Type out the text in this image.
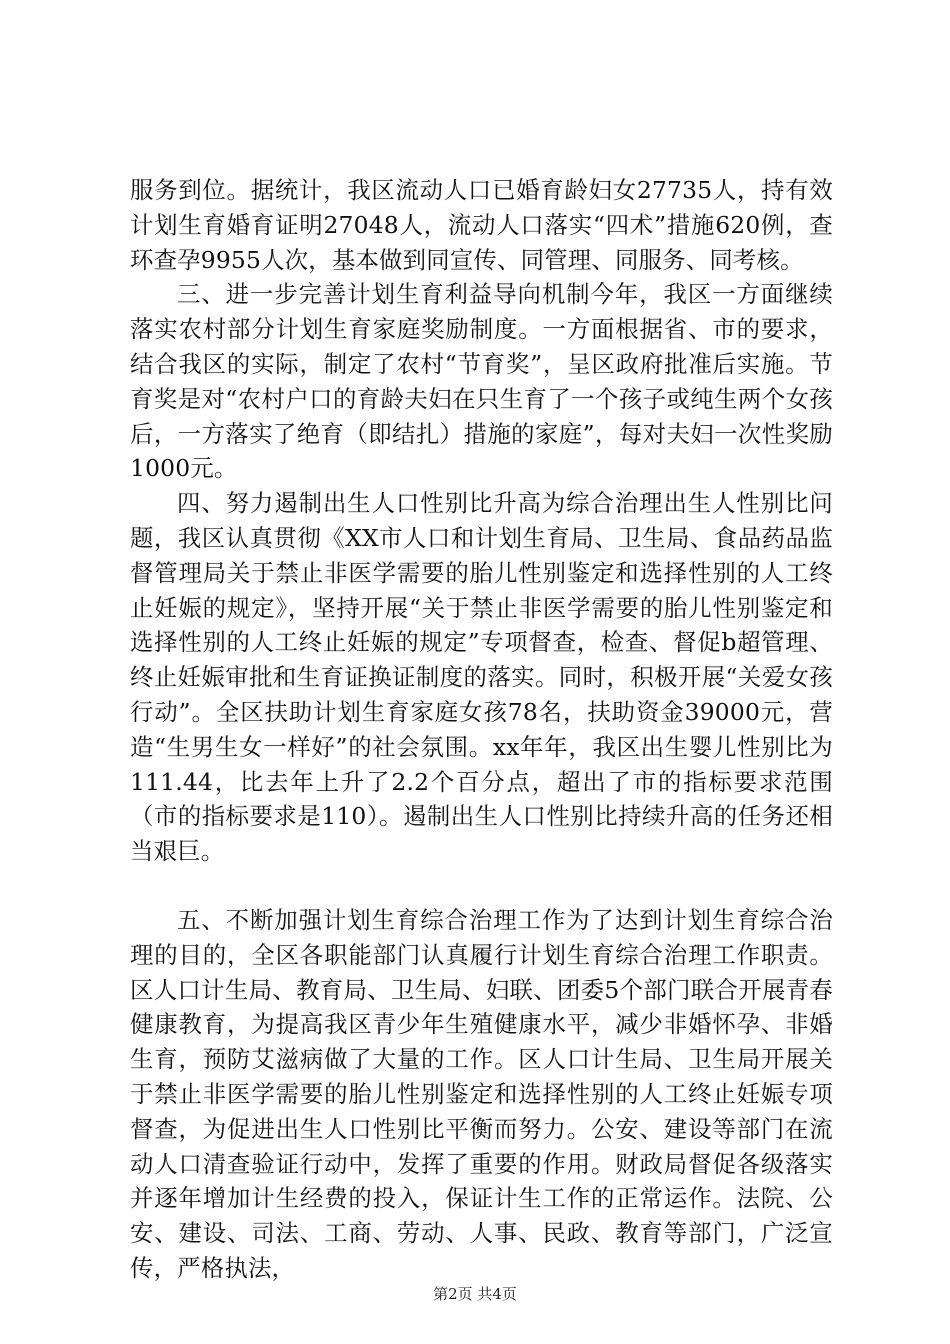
服务到位。据统计，我区流动人口已婚育龄妇女27735人，持有效计划生育婚育证明27048人，流动人口落实“四术”措施620例，查环查孕9955人次，基本做到同宣传、同管理、同服务、同考核。

三、进一步完善计划生育利益导向机制今年，我区一方面继续落实农村部分计划生育家庭奖励制度。一方面根据省、市的要求，结合我区的实际，制定了农村“节育奖”，呈区政府批准后实施。节育奖是对“农村户口的育龄夫妇在只生育了一个孩子或纯生两个女孩后，一方落实了绝育（即结扎）措施的家庭”，每对夫妇一次性奖励1000元。

四、努力遏制出生人口性别比升高为综合治理出生人性别比问题，我区认真贯彻《XX市人口和计划生育局、卫生局、食品药品监督管理局关于禁止非医学需要的胎儿性别鉴定和选择性别的人工终止妊娠的规定》，坚持开展“关于禁止非医学需要的胎儿性别鉴定和选择性别的人工终止妊娠的规定”专项督查，检查、督促b超管理、终止妊娠审批和生育证换证制度的落实。同时，积极开展“关爱女孩行动”。全区扶助计划生育家庭女孩78名，扶助资金39000元，营造“生男生女一样好”的社会氛围。xx年年，我区出生婴儿性别比为111.44，比去年上升了2.2个百分点，超出了市的指标要求范围（市的指标要求是110）。遏制出生人口性别比持续升高的任务还相当艰巨。

五、不断加强计划生育综合治理工作为了达到计划生育综合治理的目的，全区各职能部门认真履行计划生育综合治理工作职责。区人口计生局、教育局、卫生局、妇联、团委5个部门联合开展青春健康教育，为提高我区青少年生殖健康水平，减少非婚怀孕、非婚生育，预防艾滋病做了大量的工作。区人口计生局、卫生局开展关于禁止非医学需要的胎儿性别鉴定和选择性别的人工终止妊娠专项督查，为促进出生人口性别比平衡而努力。公安、建设等部门在流动人口清查验证行动中，发挥了重要的作用。财政局督促各级落实并逐年增加计生经费的投入，保证计生工作的正常运作。法院、公安、建设、司法、工商、劳动、人事、民政、教育等部门，广泛宣传，严格执法，

第2页 共4页
